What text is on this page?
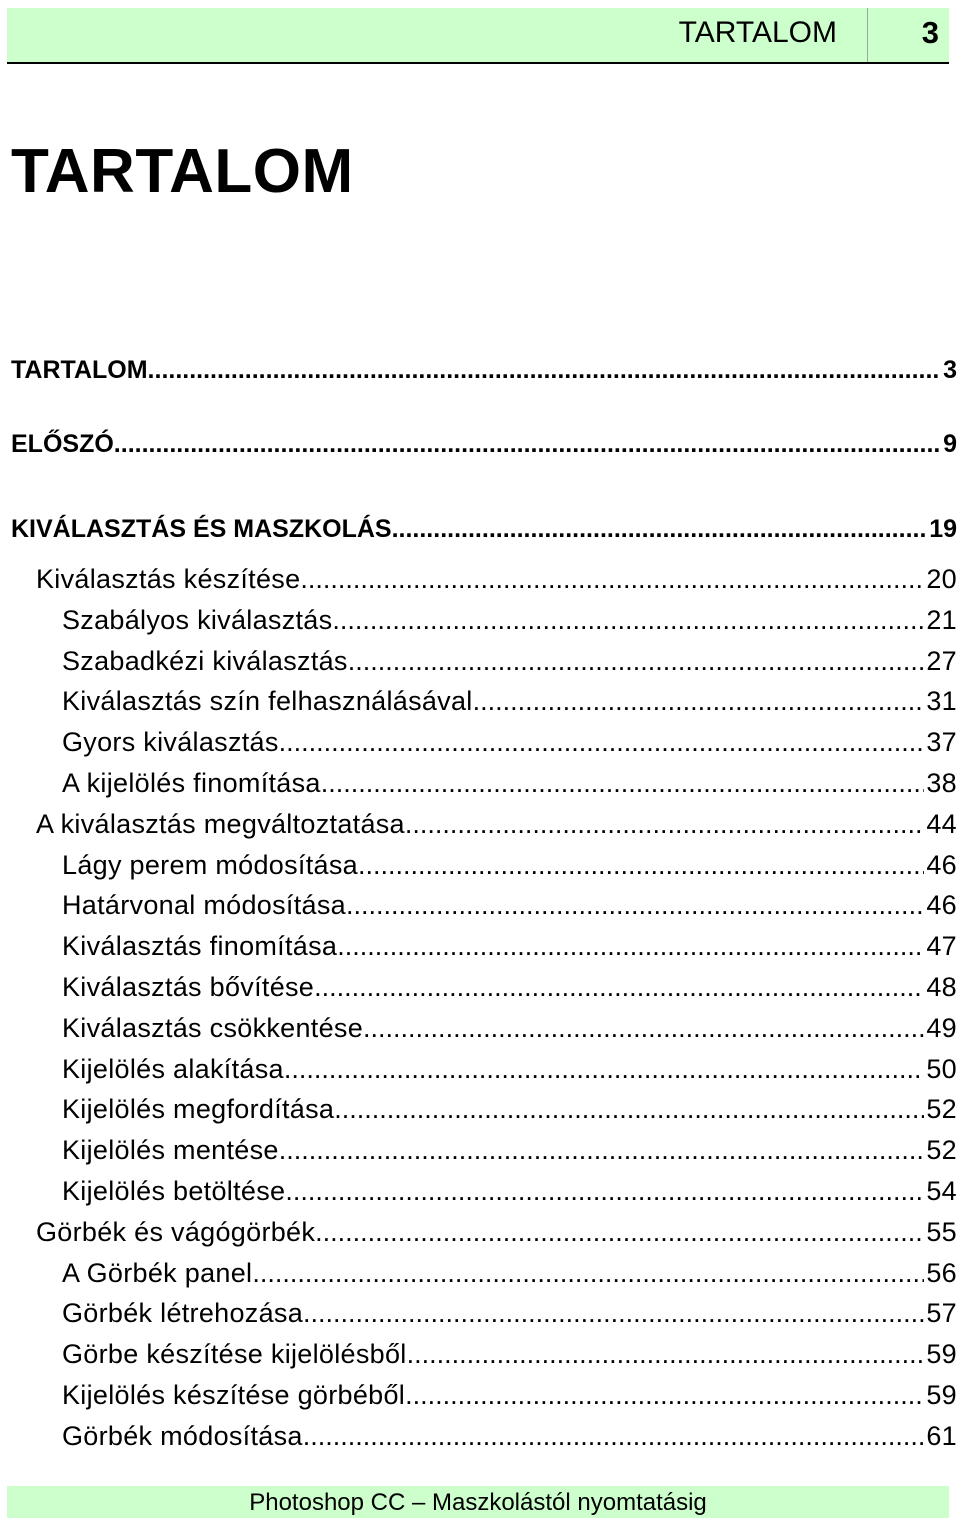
TARTALOM	3
TARTALOM
TARTALOM .....	3
ELŐSZÓ .....	9
KIVÁLASZTÁS ÉS MASZKOLÁS .....	19
Kiválasztás készítése .....	20
Szabályos kiválasztás .....	21
Szabadkézi kiválasztás .....	27
Kiválasztás szín felhasználásával .....	31
Gyors kiválasztás .....	37
A kijelölés finomítása .....	38
A kiválasztás megváltoztatása .....	44
Lágy perem módosítása .....	46
Határvonal módosítása .....	46
Kiválasztás finomítása .....	47
Kiválasztás bővítése .....	48
Kiválasztás csökkentése .....	49
Kijelölés alakítása .....	50
Kijelölés megfordítása .....	52
Kijelölés mentése .....	52
Kijelölés betöltése .....	54
Görbék és vágógörbék .....	55
A Görbék panel .....	56
Görbék létrehozása .....	57
Görbe készítése kijelölésből .....	59
Kijelölés készítése görbéből .....	59
Görbék módosítása .....	61
Photoshop CC – Maszkolástól nyomtatásig
